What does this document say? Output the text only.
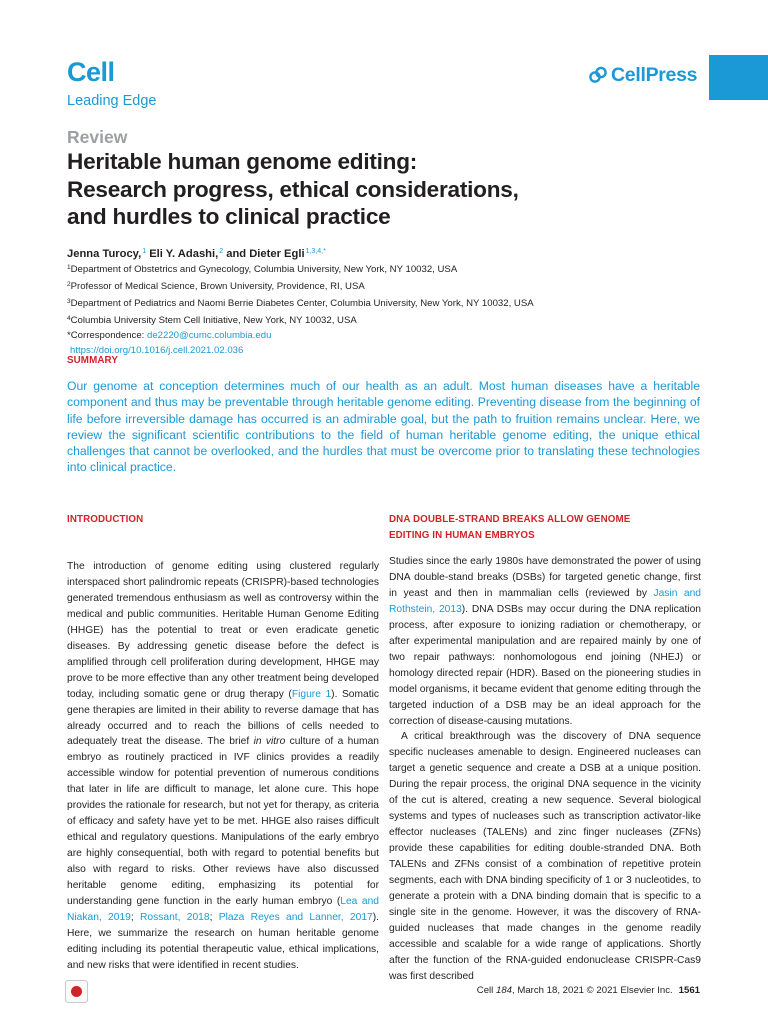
Cell
Leading Edge
CellPress
Review
Heritable human genome editing:
Research progress, ethical considerations,
and hurdles to clinical practice
Jenna Turocy,$^1$ Eli Y. Adashi,$^2$ and Dieter Egli$^{1,3,4,*}$
$^1$Department of Obstetrics and Gynecology, Columbia University, New York, NY 10032, USA
$^2$Professor of Medical Science, Brown University, Providence, RI, USA
$^3$Department of Pediatrics and Naomi Berrie Diabetes Center, Columbia University, New York, NY 10032, USA
$^4$Columbia University Stem Cell Initiative, New York, NY 10032, USA
*Correspondence: de2220@cumc.columbia.edu
https://doi.org/10.1016/j.cell.2021.02.036
SUMMARY

Our genome at conception determines much of our health as an adult. Most human diseases have a heritable component and thus may be preventable through heritable genome editing. Preventing disease from the beginning of life before irreversible damage has occurred is an admirable goal, but the path to fruition remains unclear. Here, we review the significant scientific contributions to the field of human heritable genome editing, the unique ethical challenges that cannot be overlooked, and the hurdles that must be overcome prior to translating these technologies into clinical practice.

INTRODUCTION

The introduction of genome editing using clustered regularly interspaced short palindromic repeats (CRISPR)-based technologies generated tremendous enthusiasm as well as controversy within the medical and public communities. Heritable Human Genome Editing (HHGE) has the potential to treat or even eradicate genetic diseases. By addressing genetic disease before the defect is amplified through cell proliferation during development, HHGE may prove to be more effective than any other treatment being developed today, including somatic gene or drug therapy (Figure 1). Somatic gene therapies are limited in their ability to reverse damage that has already occurred and to reach the billions of cells needed to adequately treat the disease. The brief in vitro culture of a human embryo as routinely practiced in IVF clinics provides a readily accessible window for potential prevention of numerous conditions that later in life are difficult to manage, let alone cure. This hope provides the rationale for research, but not yet for therapy, as criteria of efficacy and safety have yet to be met. HHGE also raises difficult ethical and regulatory questions. Manipulations of the early embryo are highly consequential, both with regard to potential benefits but also with regard to risks. Other reviews have also discussed heritable genome editing, emphasizing its potential for understanding gene function in the early human embryo (Lea and Niakan, 2019; Rossant, 2018; Plaza Reyes and Lanner, 2017). Here, we summarize the research on human heritable genome editing including its potential therapeutic value, ethical implications, and new risks that were identified in recent studies.

DNA DOUBLE-STRAND BREAKS ALLOW GENOME
EDITING IN HUMAN EMBRYOS

Studies since the early 1980s have demonstrated the power of using DNA double-stand breaks (DSBs) for targeted genetic change, first in yeast and then in mammalian cells (reviewed by Jasin and Rothstein, 2013). DNA DSBs may occur during the DNA replication process, after exposure to ionizing radiation or chemotherapy, or after experimental manipulation and are repaired mainly by one of two repair pathways: nonhomologous end joining (NHEJ) or homology directed repair (HDR). Based on the pioneering studies in model organisms, it became evident that genome editing through the targeted induction of a DSB may be an ideal approach for the correction of disease-causing mutations.

A critical breakthrough was the discovery of DNA sequence specific nucleases amenable to design. Engineered nucleases can target a genetic sequence and create a DSB at a unique position. During the repair process, the original DNA sequence in the vicinity of the cut is altered, creating a new sequence. Several biological systems and types of nucleases such as transcription activator-like effector nucleases (TALENs) and zinc finger nucleases (ZFNs) provide these capabilities for editing double-stranded DNA. Both TALENs and ZFNs consist of a combination of repetitive protein segments, each with DNA binding specificity of 1 or 3 nucleotides, to generate a protein with a DNA binding domain that is specific to a single site in the genome. However, it was the discovery of RNA-guided nucleases that made changes in the genome readily accessible and scalable for a wide range of applications. Shortly after the function of the RNA-guided endonuclease CRISPR-Cas9 was first described

Cell 184, March 18, 2021 © 2021 Elsevier Inc. 1561
